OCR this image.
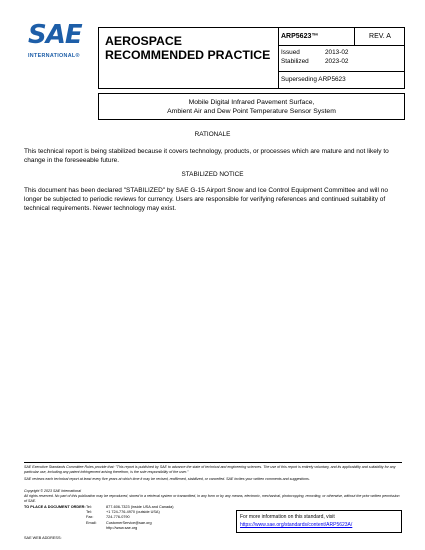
SAE
INTERNATIONAL®
AEROSPACE
RECOMMENDED PRACTICE
ARP5623™
Issued	2013-02
Stabilized	2023-02
Superseding ARP5623
REV. A
Mobile Digital Infrared Pavement Surface,
Ambient Air and Dew Point Temperature Sensor System
RATIONALE
This technical report is being stabilized because it covers technology, products, or processes which are mature and not likely to change in the foreseeable future.
STABILIZED NOTICE
This document has been declared "STABILIZED" by SAE G-15 Airport Snow and Ice Control Equipment Committee and will no longer be subjected to periodic reviews for currency. Users are responsible for verifying references and continued suitability of technical requirements. Newer technology may exist.
SAE Executive Standards Committee Rules provide that: "This report is published by SAE to advance the state of technical and engineering sciences. The use of this report is entirely voluntary, and its applicability and suitability for any particular use, including any patent infringement arising therefrom, is the sole responsibility of the user."
SAE reviews each technical report at least every five years at which time it may be revised, reaffirmed, stabilized, or cancelled. SAE invites your written comments and suggestions.
Copyright © 2023 SAE International
All rights reserved. No part of this publication may be reproduced, stored in a retrieval system or transmitted, in any form or by any means, electronic, mechanical, photocopying, recording, or otherwise, without the prior written permission of SAE.
TO PLACE A DOCUMENT ORDER: Tel:	877-606-7323 (inside USA and Canada)
Tel:	+1 724-776-4970 (outside USA)
Fax:	724-776-0790
Email: CustomerService@sae.org
http://www.sae.org
For more information on this standard, visit
https://www.sae.org/standards/content/ARP5623A/
SAE WEB ADDRESS:
